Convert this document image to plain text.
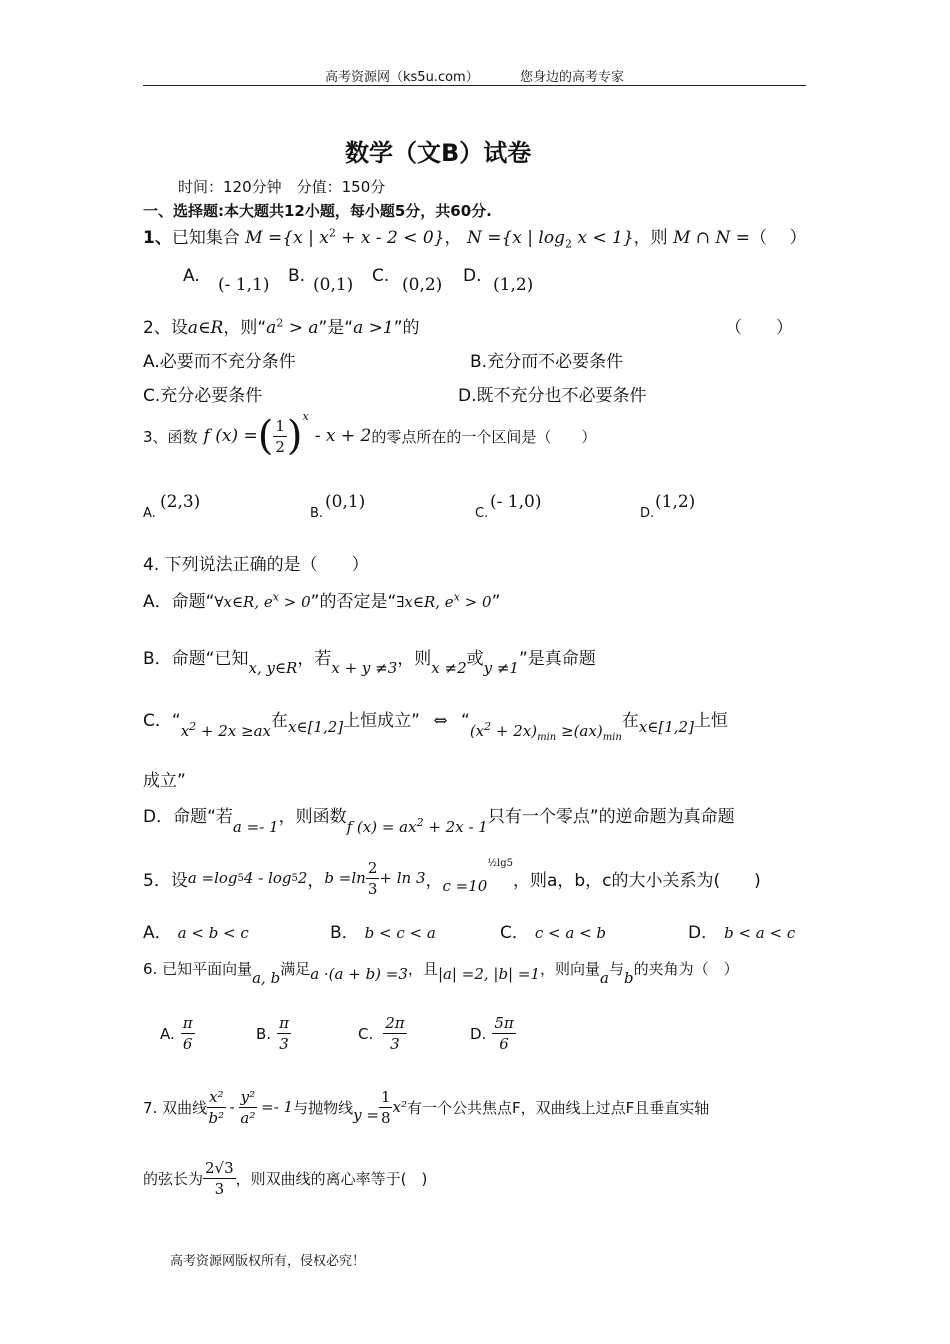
高考资源网（ks5u.com）	您身边的高考专家
数学（文B）试卷
时间：120分钟　分值：150分
一、选择题:本大题共12小题，每小题5分，共60分.
1、已知集合 M ={x | $x^2 + x - 2 < 0$}， N ={x | $\log_2 x < 1$}，则 M ∩ N =（　 ）
A. (- 1,1) B. (0,1) C. (0,2) D. (1,2)
2、设a∈R，则“$a^2 > a$”是“a >1”的	（　　）
A.必要而不充分条件	B.充分而不必要条件
C.充分必要条件	D.既不充分也不必要条件
3、函数 f (x) = ( $\frac{1}{2} )^x$
- x + 2 的零点所在的一个区间是（　　）
A.
(2,3)
B.
(0,1)
C.
(- 1,0)
D.
(1,2)
4. 下列说法正确的是（　　）
A．命题“∀x∈R, $e^x > 0$”的否定是“∃x∈R, $e^x > 0$”
B．命题“已知x, y∈R，若x + y ≠3，则x ≠2或y ≠1”是真命题
C．“$x^2 + 2x \ge ax$在x∈[1,2]上恒成立” ⇔ “$(x^2 + 2x)_{min} \ge(ax)_{min}$在x∈[1,2]上恒
成立”
D．命题“若a =- 1，则函数f $(x) = ax^2 + 2x - 1$只有一个零点”的逆命题为真命题
5．设 a =log 5 4 - log 5 2 ， $b =\ln \frac{2}{3} + \ln 3$ ， c =10
½lg5
，则a，b，c的大小关系为(　　)
A． a < b < c	B． b < c < a	C． c < a < b	D． b < a < c
6. 已知平面向量a, b满足a ·(a + b) =3，且|a| =2, |b| =1，则向量a与b的夹角为（　）
A. $\frac{\pi}{6}$	B. $\frac{\pi}{3}$	C. $\frac{2\pi}{3}$	D. $\frac{5\pi}{6}$
7. 双曲线 $\frac{\text{x²}}{\text{b²}} - \frac{\text{y²}}{\text{a²}} =- 1$ 与抛物线 $y = \frac{1}{8} x^2$ 有一个公共焦点F，双曲线上过点F且垂直实轴
的弦长为 $\frac{2√3}{3}$ ，则双曲线的离心率等于(　)
高考资源网版权所有，侵权必究！
